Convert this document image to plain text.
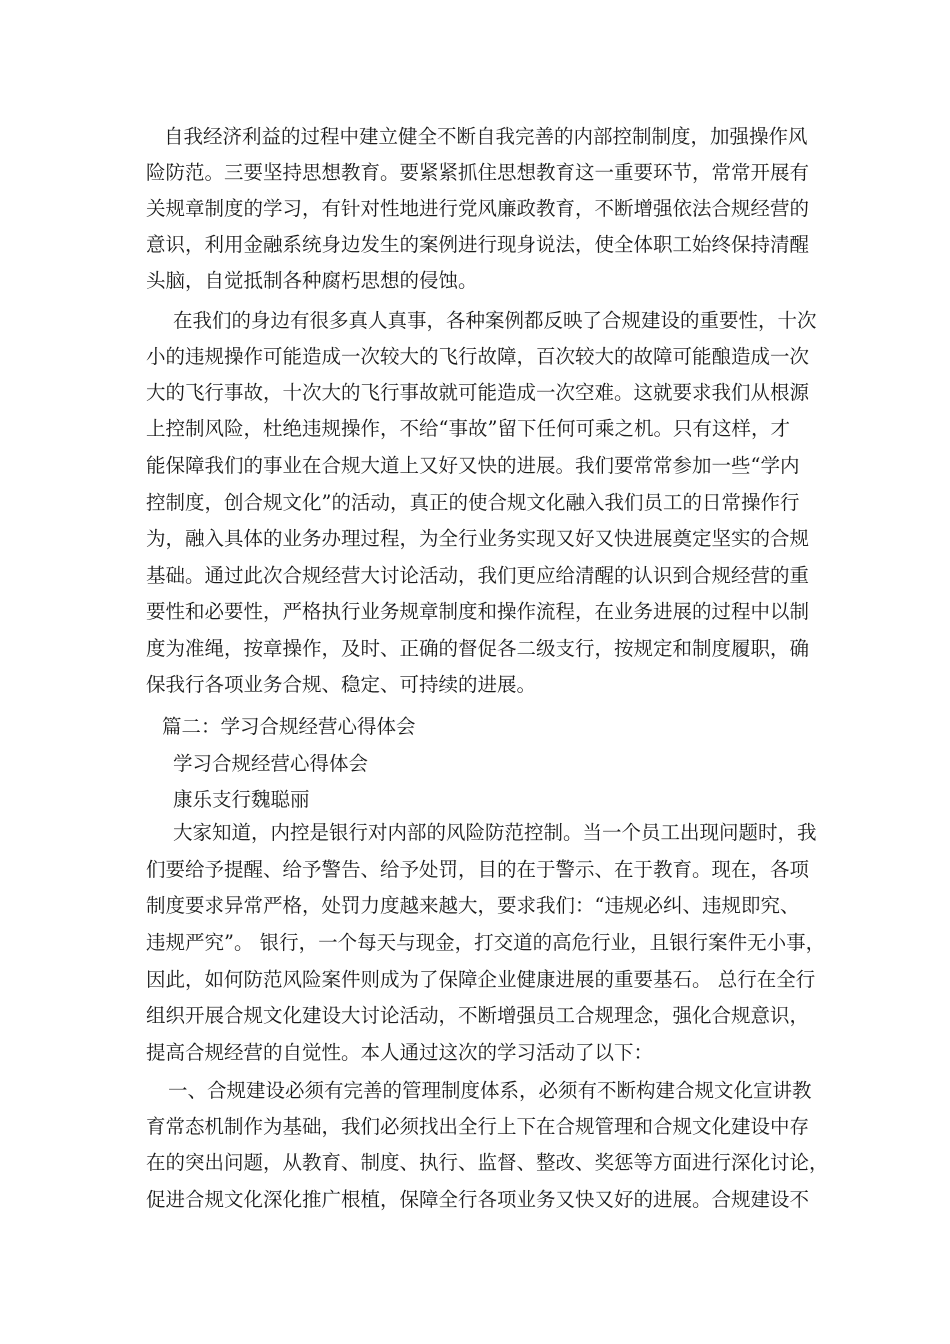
自我经济利益的过程中建立健全不断自我完善的内部控制制度，加强操作风
险防范。三要坚持思想教育。要紧紧抓住思想教育这一重要环节，常常开展有
关规章制度的学习，有针对性地进行党风廉政教育，不断增强依法合规经营的
意识，利用金融系统身边发生的案例进行现身说法，使全体职工始终保持清醒
头脑，自觉抵制各种腐朽思想的侵蚀。
在我们的身边有很多真人真事，各种案例都反映了合规建设的重要性，十次
小的违规操作可能造成一次较大的飞行故障，百次较大的故障可能酿造成一次
大的飞行事故，十次大的飞行事故就可能造成一次空难。这就要求我们从根源
上控制风险，杜绝违规操作，不给“事故”留下任何可乘之机。只有这样，才
能保障我们的事业在合规大道上又好又快的进展。我们要常常参加一些“学内
控制度，创合规文化”的活动，真正的使合规文化融入我们员工的日常操作行
为，融入具体的业务办理过程，为全行业务实现又好又快进展奠定坚实的合规
基础。通过此次合规经营大讨论活动，我们更应给清醒的认识到合规经营的重
要性和必要性，严格执行业务规章制度和操作流程，在业务进展的过程中以制
度为准绳，按章操作，及时、正确的督促各二级支行，按规定和制度履职，确
保我行各项业务合规、稳定、可持续的进展。
篇二：学习合规经营心得体会
学习合规经营心得体会
康乐支行魏聪丽
大家知道，内控是银行对内部的风险防范控制。当一个员工出现问题时，我
们要给予提醒、给予警告、给予处罚，目的在于警示、在于教育。现在，各项
制度要求异常严格，处罚力度越来越大，要求我们：“违规必纠、违规即究、
违规严究”。 银行，一个每天与现金，打交道的高危行业，且银行案件无小事，
因此，如何防范风险案件则成为了保障企业健康进展的重要基石。 总行在全行
组织开展合规文化建设大讨论活动，不断增强员工合规理念，强化合规意识，
提高合规经营的自觉性。本人通过这次的学习活动了以下：
一、合规建设必须有完善的管理制度体系，必须有不断构建合规文化宣讲教
育常态机制作为基础，我们必须找出全行上下在合规管理和合规文化建设中存
在的突出问题，从教育、制度、执行、监督、整改、奖惩等方面进行深化讨论，
促进合规文化深化推广根植，保障全行各项业务又快又好的进展。合规建设不
